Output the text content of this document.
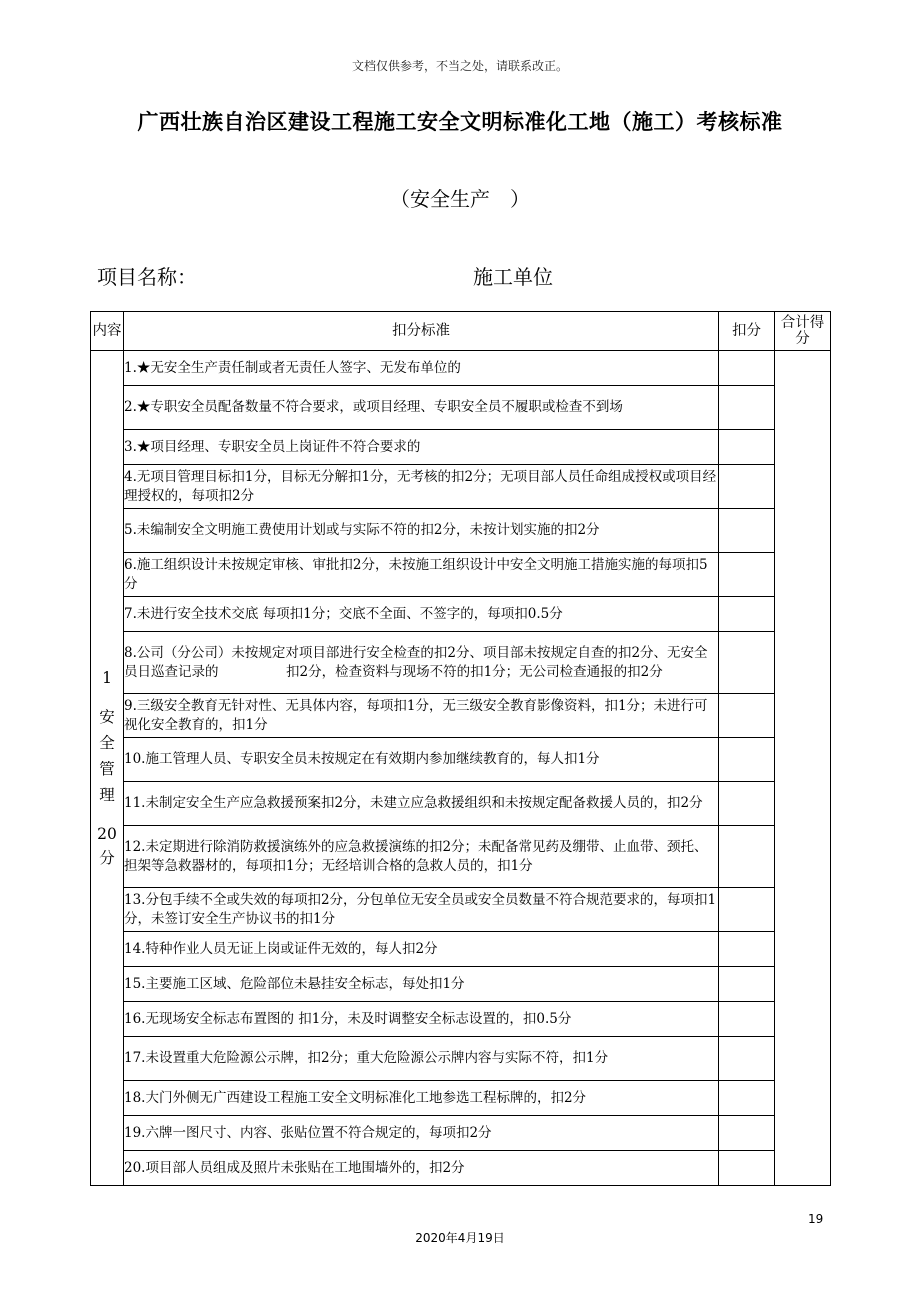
文档仅供参考，不当之处，请联系改正。
广西壮族自治区建设工程施工安全文明标准化工地（施工）考核标准
（安全生产　）
项目名称：	施工单位
内容	扣分标准	扣分	合计得分

1
安全管理
20分	1.★无安全生产责任制或者无责任人签字、无发布单位的		
	2.★专职安全员配备数量不符合要求，或项目经理、专职安全员不履职或检查不到场		
	3.★项目经理、专职安全员上岗证件不符合要求的		
	4.无项目管理目标扣1分，目标无分解扣1分，无考核的扣2分；无项目部人员任命组成授权或项目经理授权的，每项扣2分		
	5.未编制安全文明施工费使用计划或与实际不符的扣2分，未按计划实施的扣2分		
	6.施工组织设计未按规定审核、审批扣2分，未按施工组织设计中安全文明施工措施实施的每项扣5分		
	7.未进行安全技术交底 每项扣1分；交底不全面、不签字的，每项扣0.5分		
	8.公司（分公司）未按规定对项目部进行安全检查的扣2分、项目部未按规定自查的扣2分、无安全员日巡查记录的　　　　　扣2分，检查资料与现场不符的扣1分；无公司检查通报的扣2分		
	9.三级安全教育无针对性、无具体内容，每项扣1分，无三级安全教育影像资料，扣1分；未进行可视化安全教育的，扣1分		
	10.施工管理人员、专职安全员未按规定在有效期内参加继续教育的，每人扣1分		
	11.未制定安全生产应急救援预案扣2分，未建立应急救援组织和未按规定配备救援人员的，扣2分		
	12.未定期进行除消防救援演练外的应急救援演练的扣2分；未配备常见药及绷带、止血带、颈托、担架等急救器材的，每项扣1分；无经培训合格的急救人员的，扣1分		
	13.分包手续不全或失效的每项扣2分，分包单位无安全员或安全员数量不符合规范要求的，每项扣1分，未签订安全生产协议书的扣1分		
	14.特种作业人员无证上岗或证件无效的，每人扣2分		
	15.主要施工区域、危险部位未悬挂安全标志，每处扣1分		
	16.无现场安全标志布置图的 扣1分，未及时调整安全标志设置的，扣0.5分		
	17.未设置重大危险源公示牌，扣2分；重大危险源公示牌内容与实际不符，扣1分		
	18.大门外侧无广西建设工程施工安全文明标准化工地参选工程标牌的，扣2分		
	19.六牌一图尺寸、内容、张贴位置不符合规定的，每项扣2分		
	20.项目部人员组成及照片未张贴在工地围墙外的，扣2分		
19
2020年4月19日
